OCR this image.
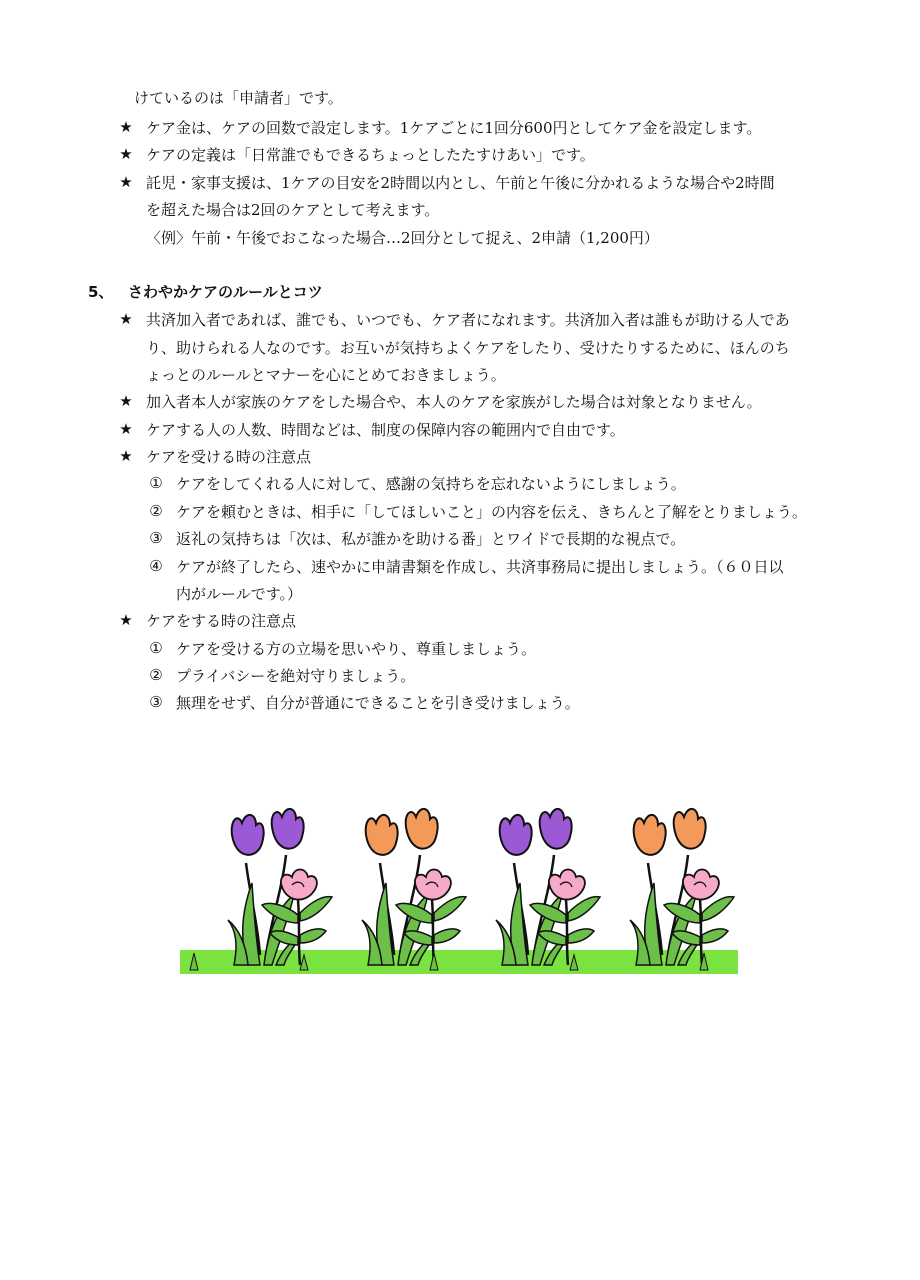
けているのは「申請者」です。
★ ケア金は、ケアの回数で設定します。1ケアごとに1回分600円としてケア金を設定します。
★ ケアの定義は「日常誰でもできるちょっとしたたすけあい」です。
★ 託児・家事支援は、1ケアの目安を2時間以内とし、午前と午後に分かれるような場合や2時間
を超えた場合は2回のケアとして考えます。
〈例〉午前・午後でおこなった場合…2回分として捉え、2申請（1,200円）
5、 さわやかケアのルールとコツ
★ 共済加入者であれば、誰でも、いつでも、ケア者になれます。共済加入者は誰もが助ける人であ
り、助けられる人なのです。お互いが気持ちよくケアをしたり、受けたりするために、ほんのち
ょっとのルールとマナーを心にとめておきましょう。
★ 加入者本人が家族のケアをした場合や、本人のケアを家族がした場合は対象となりません。
★ ケアする人の人数、時間などは、制度の保障内容の範囲内で自由です。
★ ケアを受ける時の注意点
① ケアをしてくれる人に対して、感謝の気持ちを忘れないようにしましょう。
② ケアを頼むときは、相手に「してほしいこと」の内容を伝え、きちんと了解をとりましょう。
③ 返礼の気持ちは「次は、私が誰かを助ける番」とワイドで長期的な視点で。
④ ケアが終了したら、速やかに申請書類を作成し、共済事務局に提出しましょう。（６０日以
内がルールです。）
★ ケアをする時の注意点
① ケアを受ける方の立場を思いやり、尊重しましょう。
② プライバシーを絶対守りましょう。
③ 無理をせず、自分が普通にできることを引き受けましょう。
